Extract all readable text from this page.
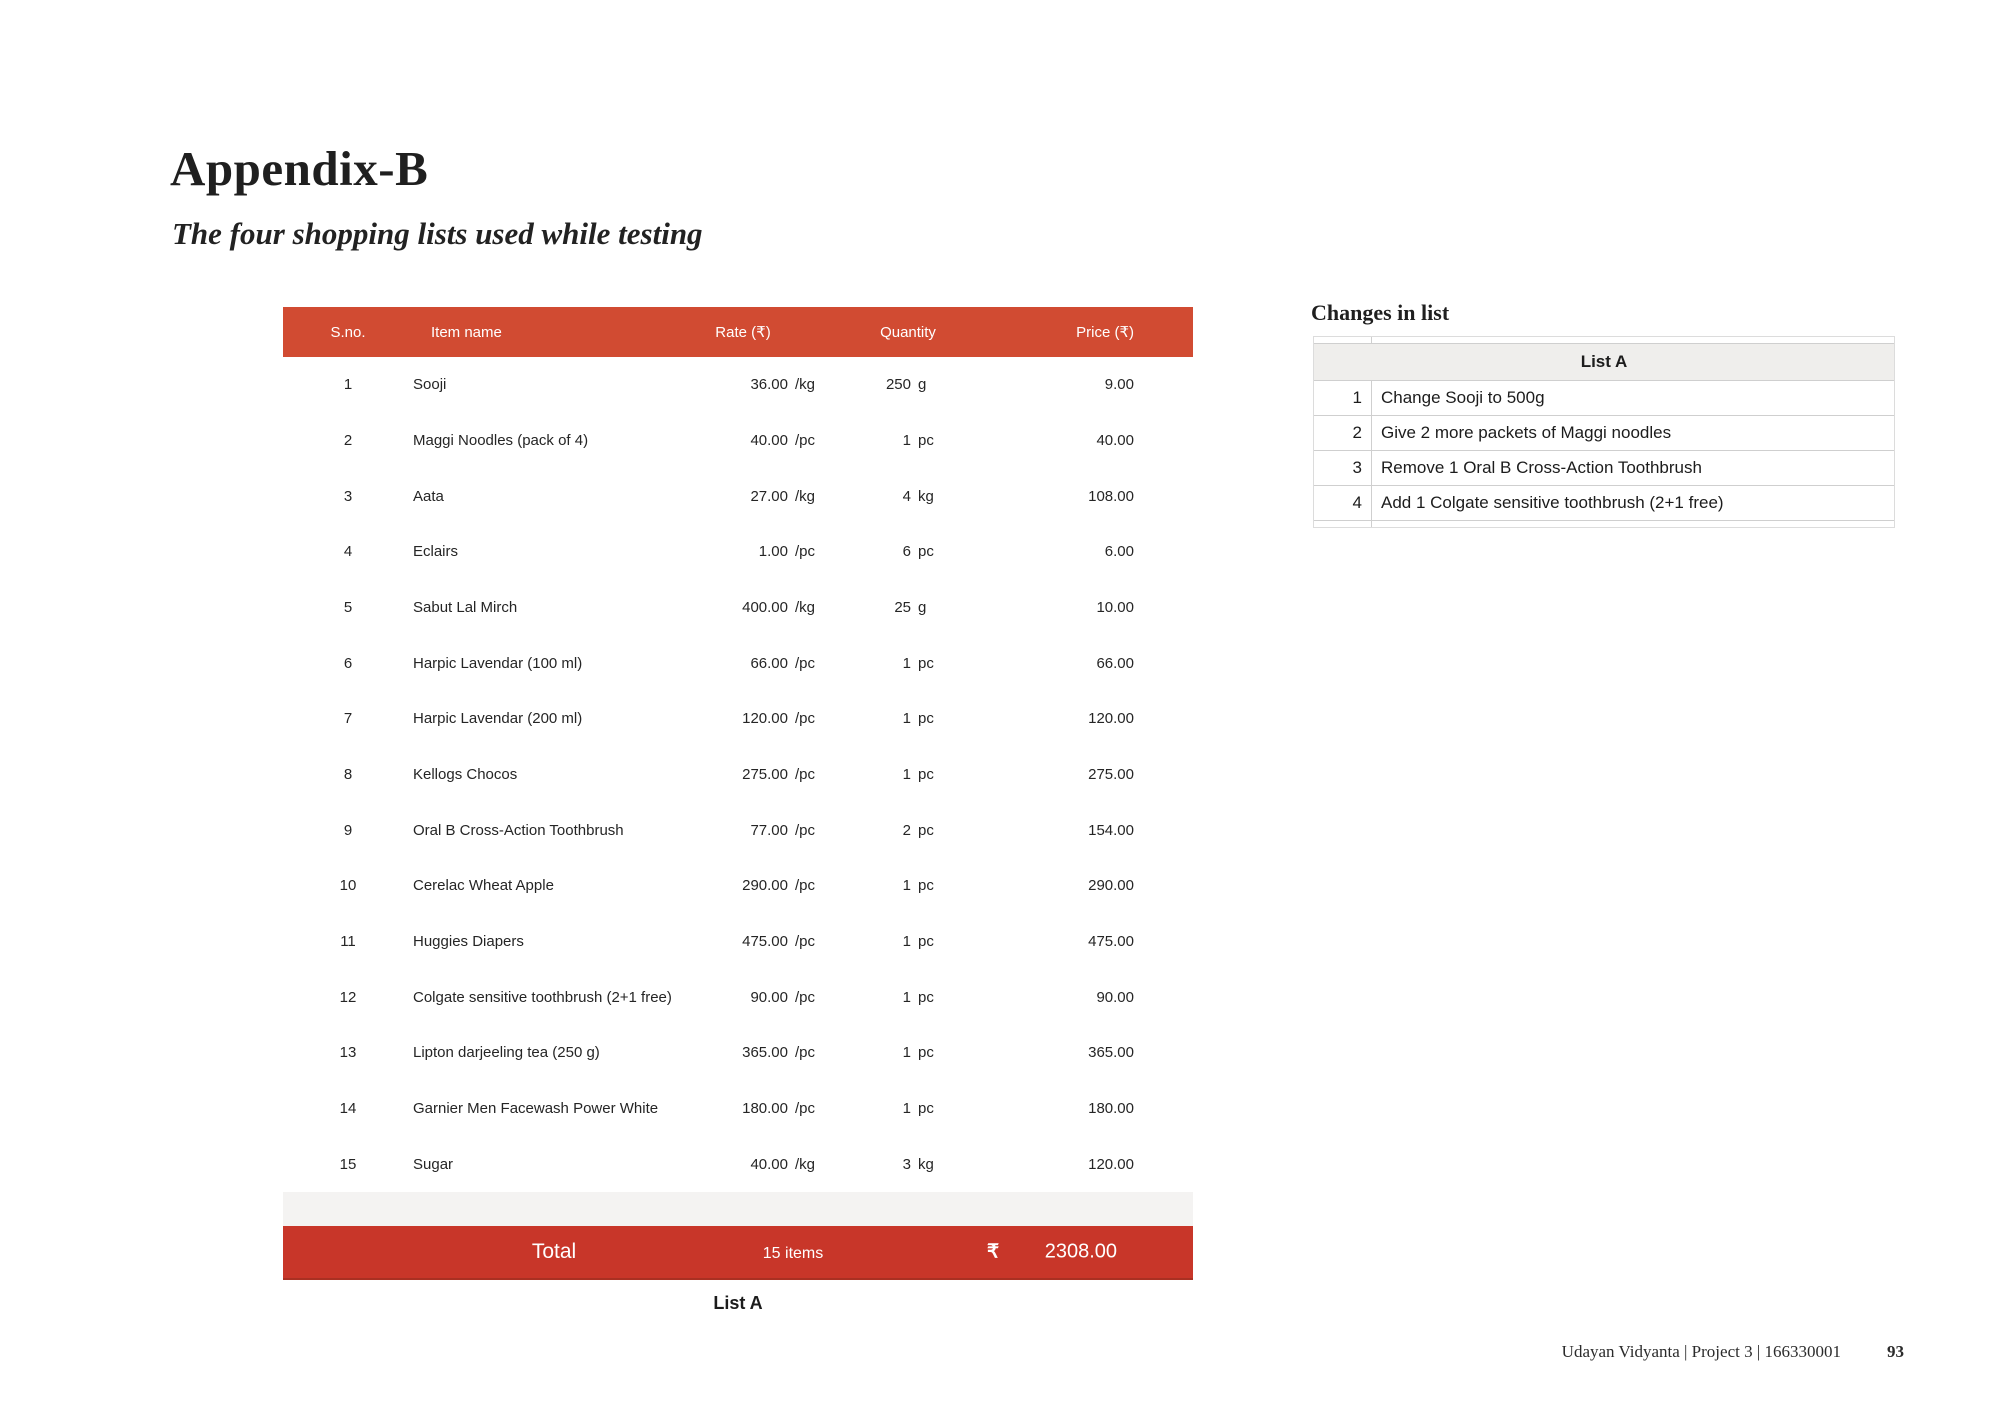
Appendix-B
The four shopping lists used while testing
S.no.	Item name	Rate (₹)	Quantity	Price (₹)
1	Sooji	36.00 /kg	250 g	9.00
2	Maggi Noodles (pack of 4)	40.00 /pc	1 pc	40.00
3	Aata	27.00 /kg	4 kg	108.00
4	Eclairs	1.00 /pc	6 pc	6.00
5	Sabut Lal Mirch	400.00 /kg	25 g	10.00
6	Harpic Lavendar (100 ml)	66.00 /pc	1 pc	66.00
7	Harpic Lavendar (200 ml)	120.00 /pc	1 pc	120.00
8	Kellogs Chocos	275.00 /pc	1 pc	275.00
9	Oral B Cross-Action Toothbrush	77.00 /pc	2 pc	154.00
10	Cerelac Wheat Apple	290.00 /pc	1 pc	290.00
11	Huggies Diapers	475.00 /pc	1 pc	475.00
12	Colgate sensitive toothbrush (2+1 free)	90.00 /pc	1 pc	90.00
13	Lipton darjeeling tea (250 g)	365.00 /pc	1 pc	365.00
14	Garnier Men Facewash Power White	180.00 /pc	1 pc	180.00
15	Sugar	40.00 /kg	3 kg	120.00
Total	15 items	₹ 2308.00
List A
Changes in list
List A
1	Change Sooji to 500g
2	Give 2 more packets of Maggi noodles
3	Remove 1 Oral B Cross-Action Toothbrush
4	Add 1 Colgate sensitive toothbrush (2+1 free)
Udayan Vidyanta | Project 3 | 166330001	93
